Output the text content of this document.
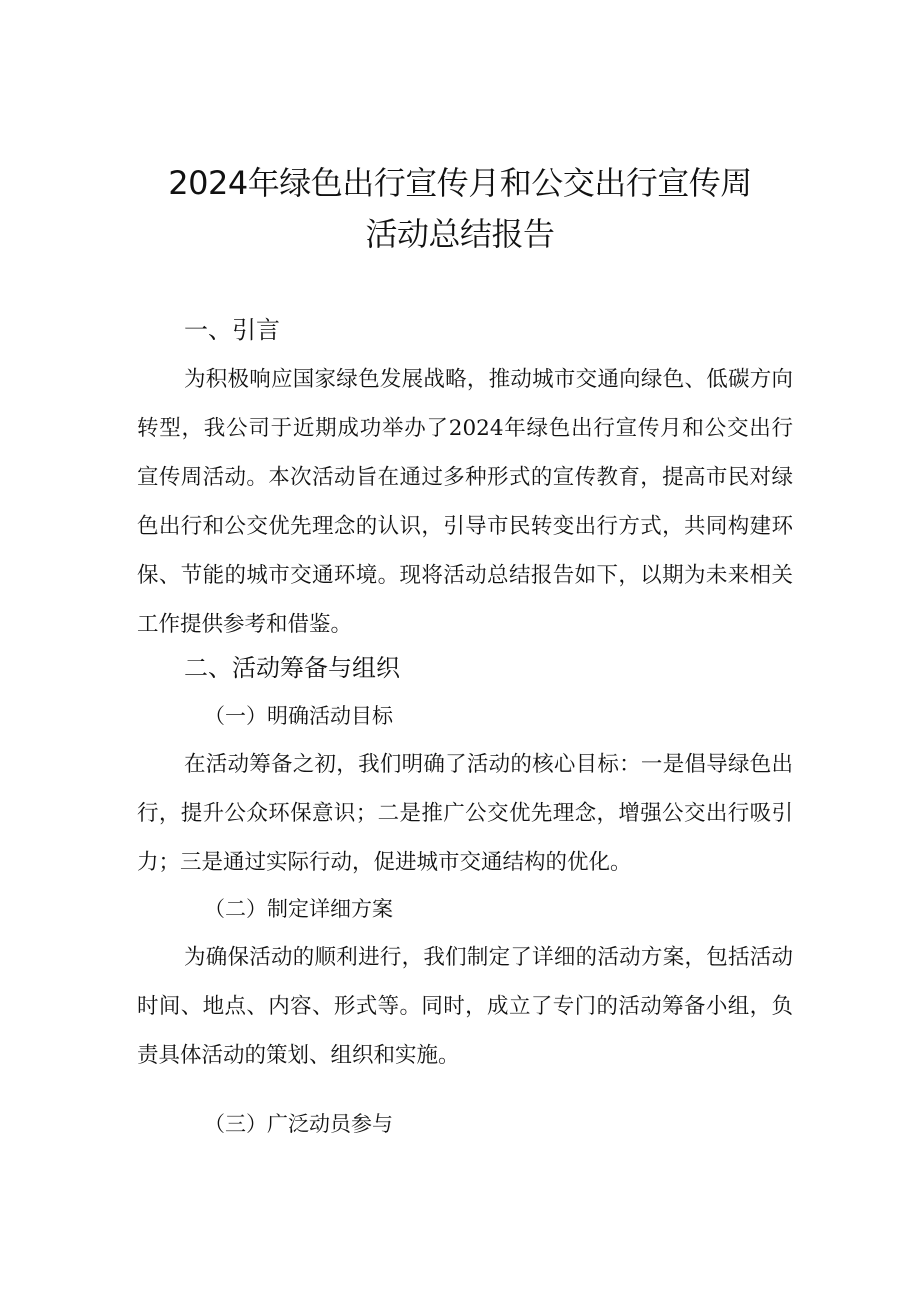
2024年绿色出行宣传月和公交出行宣传周
活动总结报告
一、引言

为积极响应国家绿色发展战略，推动城市交通向绿色、低碳方向转型，我公司于近期成功举办了2024年绿色出行宣传月和公交出行宣传周活动。本次活动旨在通过多种形式的宣传教育，提高市民对绿色出行和公交优先理念的认识，引导市民转变出行方式，共同构建环保、节能的城市交通环境。现将活动总结报告如下，以期为未来相关工作提供参考和借鉴。

二、活动筹备与组织
（一）明确活动目标

在活动筹备之初，我们明确了活动的核心目标：一是倡导绿色出行，提升公众环保意识；二是推广公交优先理念，增强公交出行吸引力；三是通过实际行动，促进城市交通结构的优化。

（二）制定详细方案

为确保活动的顺利进行，我们制定了详细的活动方案，包括活动时间、地点、内容、形式等。同时，成立了专门的活动筹备小组，负责具体活动的策划、组织和实施。

（三）广泛动员参与
